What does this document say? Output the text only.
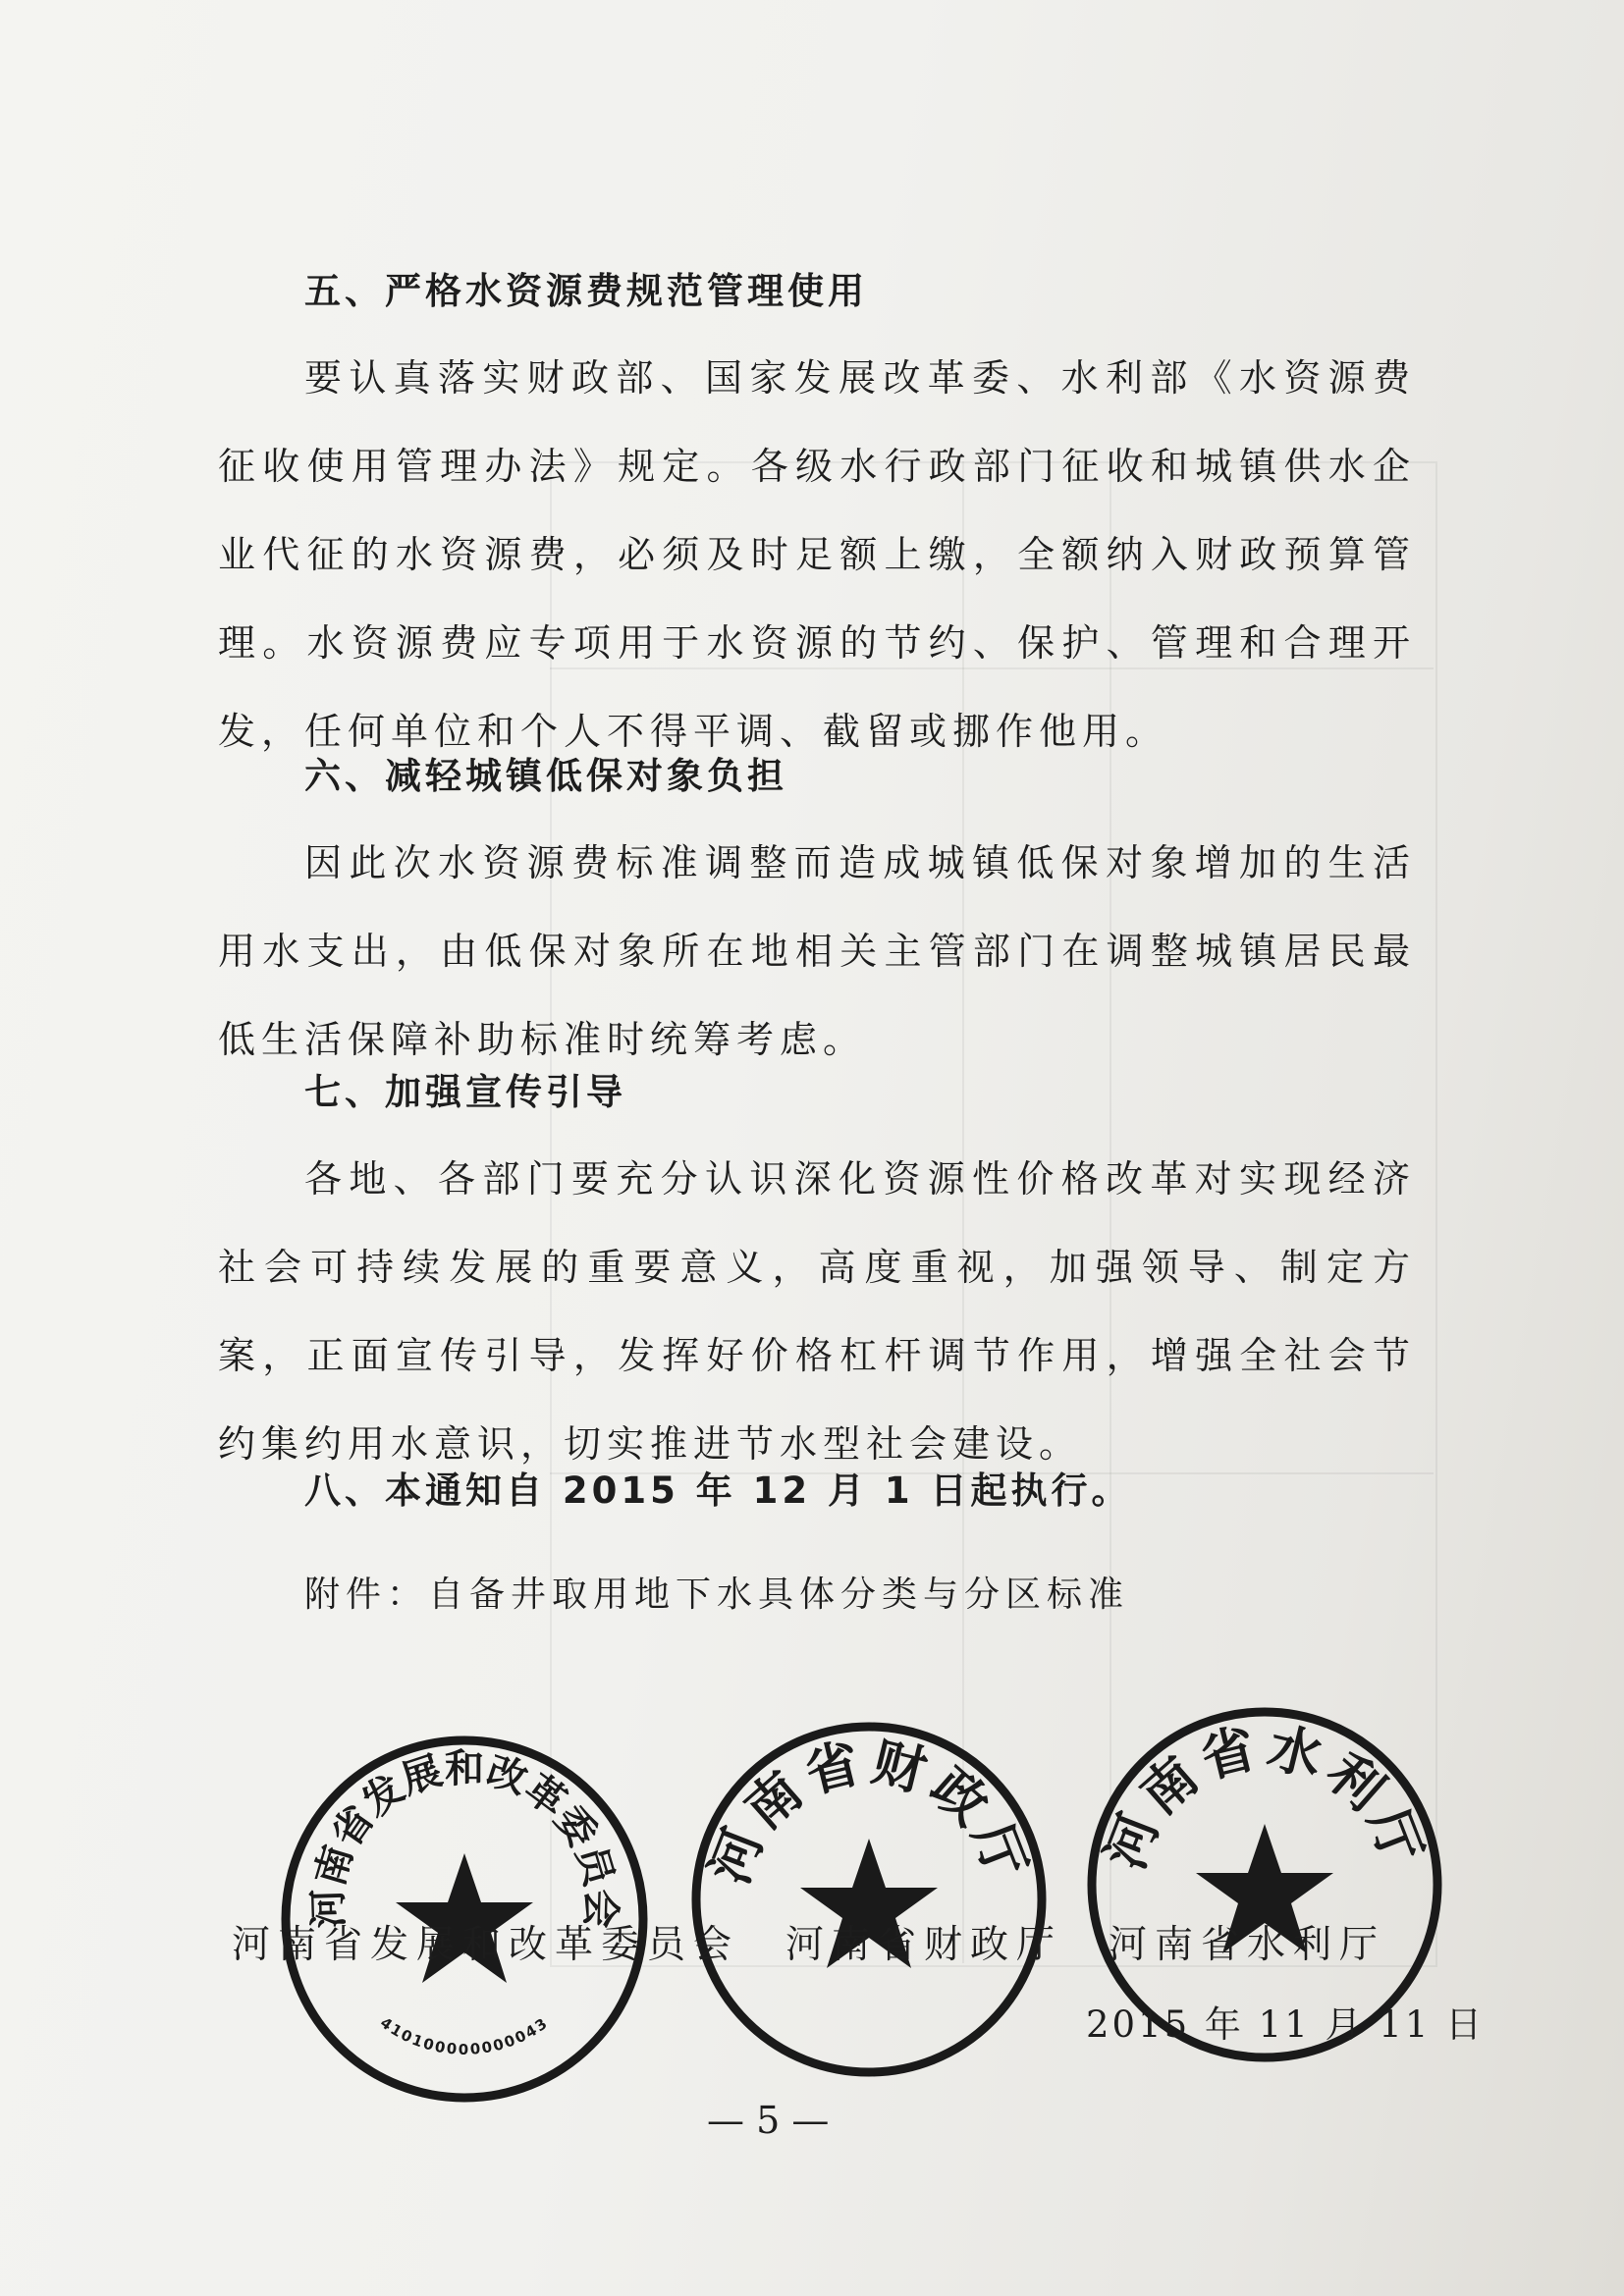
五、严格水资源费规范管理使用

要认真落实财政部、国家发展改革委、水利部《水资源费征收使用管理办法》规定。各级水行政部门征收和城镇供水企业代征的水资源费，必须及时足额上缴，全额纳入财政预算管理。水资源费应专项用于水资源的节约、保护、管理和合理开发，任何单位和个人不得平调、截留或挪作他用。

六、减轻城镇低保对象负担

因此次水资源费标准调整而造成城镇低保对象增加的生活用水支出，由低保对象所在地相关主管部门在调整城镇居民最低生活保障补助标准时统筹考虑。

七、加强宣传引导

各地、各部门要充分认识深化资源性价格改革对实现经济社会可持续发展的重要意义，高度重视，加强领导、制定方案，正面宣传引导，发挥好价格杠杆调节作用，增强全社会节约集约用水意识，切实推进节水型社会建设。

八、本通知自 2015 年 12 月 1 日起执行。
附件：自备井取用地下水具体分类与分区标准
河南省发展和改革委员会
410100000000043
河南省财政厅 河南省水利厅
河南省发展和改革委员会　河南省财政厅　河南省水利厅
2015 年 11 月 11 日
— 5 —
